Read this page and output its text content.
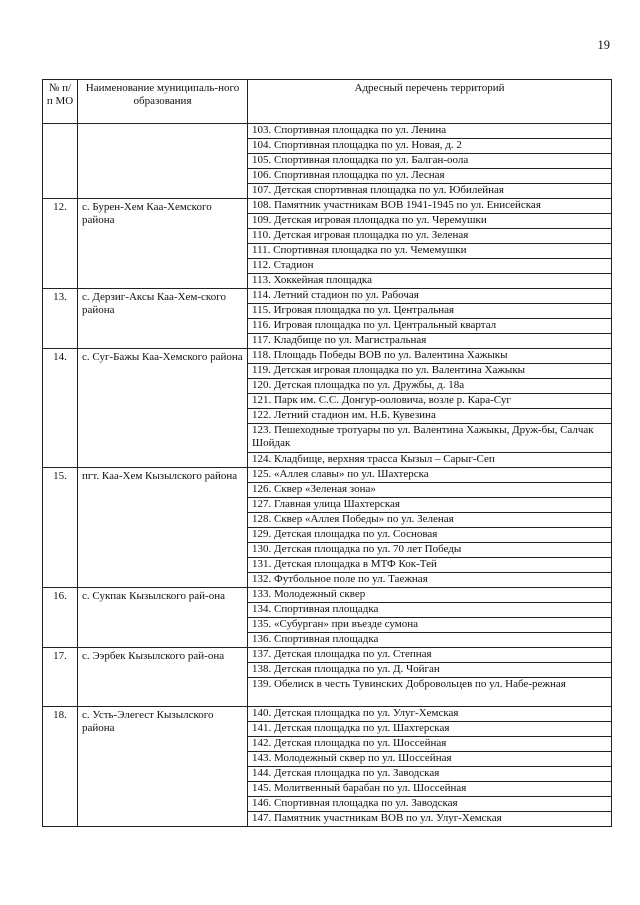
19
№ п/п МО	Наименование муниципаль-ного образования	Адресный перечень территорий
		103. Спортивная площадка по ул. Ленина
		104. Спортивная площадка по ул. Новая, д. 2
		105. Спортивная площадка по ул. Балган-оола
		106. Спортивная площадка по ул. Лесная
		107. Детская спортивная площадка по ул. Юбилейная
12.	с. Бурен-Хем Каа-Хемского района	108. Памятник участникам ВОВ 1941-1945 по ул. Енисейская
		109. Детская игровая площадка по ул. Черемушки
		110. Детская игровая площадка по ул. Зеленая
		111. Спортивная площадка по ул. Чемемушки
		112. Стадион
		113. Хоккейная площадка
13.	с. Дерзиг-Аксы Каа-Хем-ского района	114. Летний стадион по ул. Рабочая
		115. Игровая площадка по ул. Центральная
		116. Игровая площадка по ул. Центральный квартал
		117. Кладбище по ул. Магистральная
14.	с. Суг-Бажы Каа-Хемского района	118. Площадь Победы ВОВ по ул. Валентина Хажыкы
		119. Детская игровая площадка по ул. Валентина Хажыкы
		120. Детская площадка по ул. Дружбы, д. 18а
		121. Парк им. С.С. Донгур-ооловича, возле р. Кара-Суг
		122. Летний стадион им. Н.Б. Кувезина
		123. Пешеходные тротуары по ул. Валентина Хажыкы, Друж-бы, Салчак Шойдак
		124. Кладбище, верхняя трасса Кызыл – Сарыг-Сеп
15.	пгт. Каа-Хем Кызылского района	125. «Аллея славы» по ул. Шахтерска
		126. Сквер «Зеленая зона»
		127. Главная улица Шахтерская
		128. Сквер «Аллея Победы» по ул. Зеленая
		129. Детская площадка по ул. Сосновая
		130. Детская площадка по ул. 70 лет Победы
		131. Детская площадка в МТФ Кок-Тей
		132. Футбольное поле по ул. Таежная
16.	с. Сукпак Кызылского рай-она	133. Молодежный сквер
		134. Спортивная площадка
		135. «Субурган» при въезде сумона
		136. Спортивная площадка
17.	с. Ээрбек Кызылского рай-она	137. Детская площадка по ул. Степная
		138. Детская площадка по ул. Д. Чойган
		139. Обелиск в честь Тувинских Добровольцев по ул. Набе-режная
18.	с. Усть-Элегест Кызылского района	140. Детская площадка по ул. Улуг-Хемская
		141. Детская площадка по ул. Шахтерская
		142. Детская площадка по ул. Шоссейная
		143. Молодежный сквер по ул. Шоссейная
		144. Детская площадка по ул. Заводская
		145. Молитвенный барабан по ул. Шоссейная
		146. Спортивная площадка по ул. Заводская
		147. Памятник участникам ВОВ по ул. Улуг-Хемская
